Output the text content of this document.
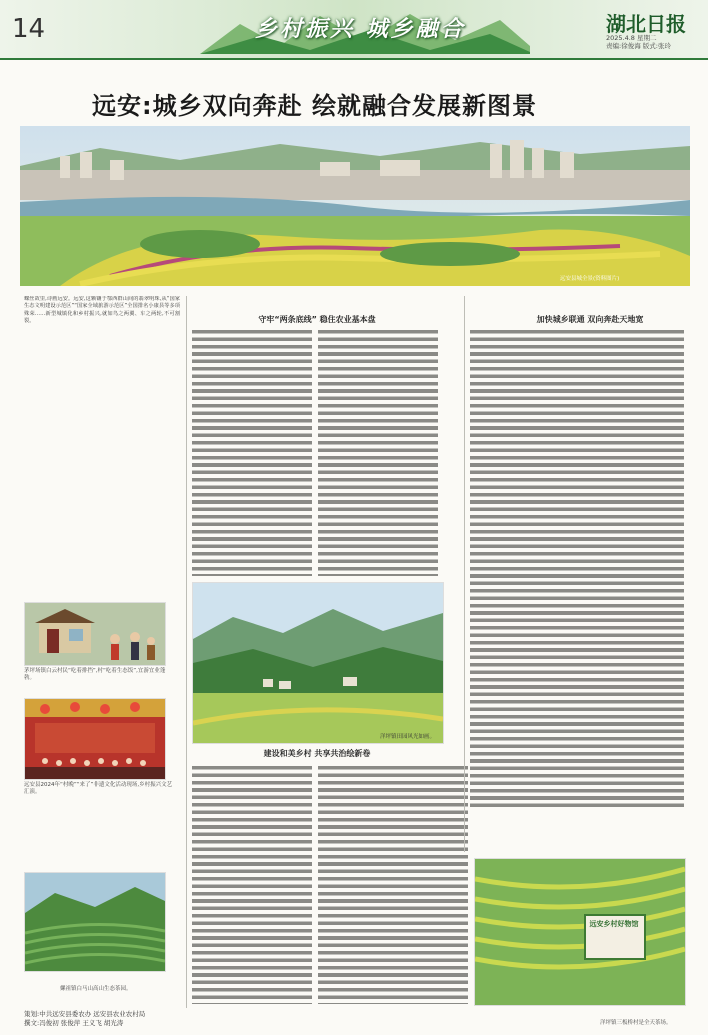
14	乡村振兴 城乡融合	湖北日报
2025.4.8 星期二
责编:徐俊海 版式:张玲
远安:城乡双向奔赴 绘就融合发展新图景
远安县城全景(资料图片)
蝶丝故里,诗画远安。远安,这颗镶于鄂西群山间的翡翠明珠,从“国家生态文明建设示范区”“国家全域旅游示范区”全国排名小康县等多项殊荣……新型城镇化和乡村振兴,就如鸟之两翼、车之两轮,不可割裂。
茅坪场镇白云村民“吃着排挡”,村“吃着生态饭”,宜游宜业蓬勃。
远安县2024年“村晚”“来了”非遗文化活动现场,乡村振兴文艺汇演。
嫘祖镇白马山高山生态茶园。
守牢“两条底线” 稳住农业基本盘	加快城乡联通 双向奔赴天地宽
洋坪镇田园风光如画。
建设和美乡村 共享共治绘新卷
远安乡村好物馆
洋坪镇三板桥村是全天茶场。
策划:中共远安县委农办 远安县农业农村局
撰文:冯俊初 张俊萍 王义飞 胡光涛
